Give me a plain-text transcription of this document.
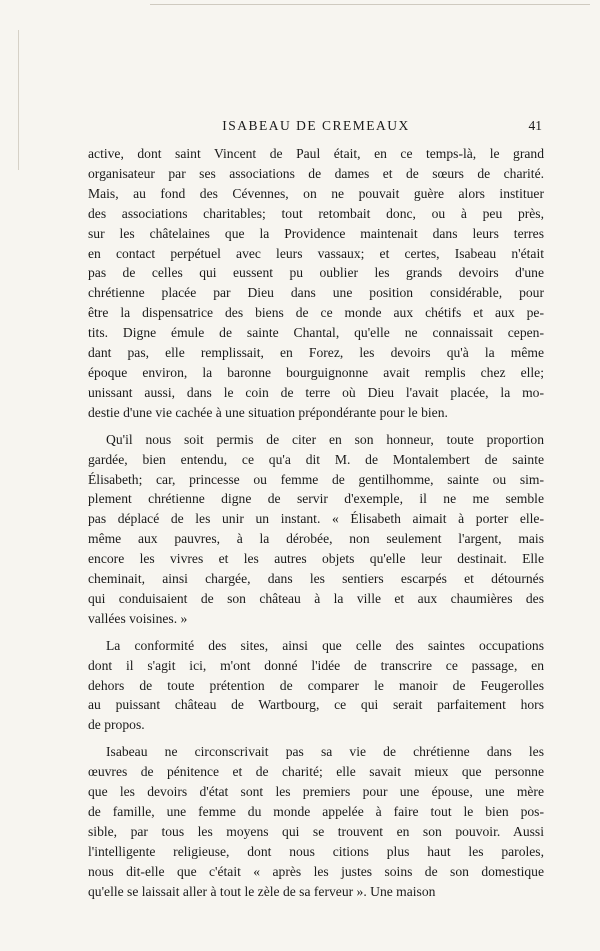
ISABEAU DE CREMEAUX	41
active, dont saint Vincent de Paul était, en ce temps-là, le grand
organisateur par ses associations de dames et de sœurs de charité.
Mais, au fond des Cévennes, on ne pouvait guère alors instituer
des associations charitables; tout retombait donc, ou à peu près,
sur les châtelaines que la Providence maintenait dans leurs terres
en contact perpétuel avec leurs vassaux; et certes, Isabeau n'était
pas de celles qui eussent pu oublier les grands devoirs d'une
chrétienne placée par Dieu dans une position considérable, pour
être la dispensatrice des biens de ce monde aux chétifs et aux pe-
tits. Digne émule de sainte Chantal, qu'elle ne connaissait cepen-
dant pas, elle remplissait, en Forez, les devoirs qu'à la même
époque environ, la baronne bourguignonne avait remplis chez elle;
unissant aussi, dans le coin de terre où Dieu l'avait placée, la mo-
destie d'une vie cachée à une situation prépondérante pour le bien.
Qu'il nous soit permis de citer en son honneur, toute proportion
gardée, bien entendu, ce qu'a dit M. de Montalembert de sainte
Élisabeth; car, princesse ou femme de gentilhomme, sainte ou sim-
plement chrétienne digne de servir d'exemple, il ne me semble
pas déplacé de les unir un instant. « Élisabeth aimait à porter elle-
même aux pauvres, à la dérobée, non seulement l'argent, mais
encore les vivres et les autres objets qu'elle leur destinait. Elle
cheminait, ainsi chargée, dans les sentiers escarpés et détournés
qui conduisaient de son château à la ville et aux chaumières des
vallées voisines. »
La conformité des sites, ainsi que celle des saintes occupations
dont il s'agit ici, m'ont donné l'idée de transcrire ce passage, en
dehors de toute prétention de comparer le manoir de Feugerolles
au puissant château de Wartbourg, ce qui serait parfaitement hors
de propos.
Isabeau ne circonscrivait pas sa vie de chrétienne dans les
œuvres de pénitence et de charité; elle savait mieux que personne
que les devoirs d'état sont les premiers pour une épouse, une mère
de famille, une femme du monde appelée à faire tout le bien pos-
sible, par tous les moyens qui se trouvent en son pouvoir. Aussi
l'intelligente religieuse, dont nous citions plus haut les paroles,
nous dit-elle que c'était « après les justes soins de son domestique
qu'elle se laissait aller à tout le zèle de sa ferveur ». Une maison
